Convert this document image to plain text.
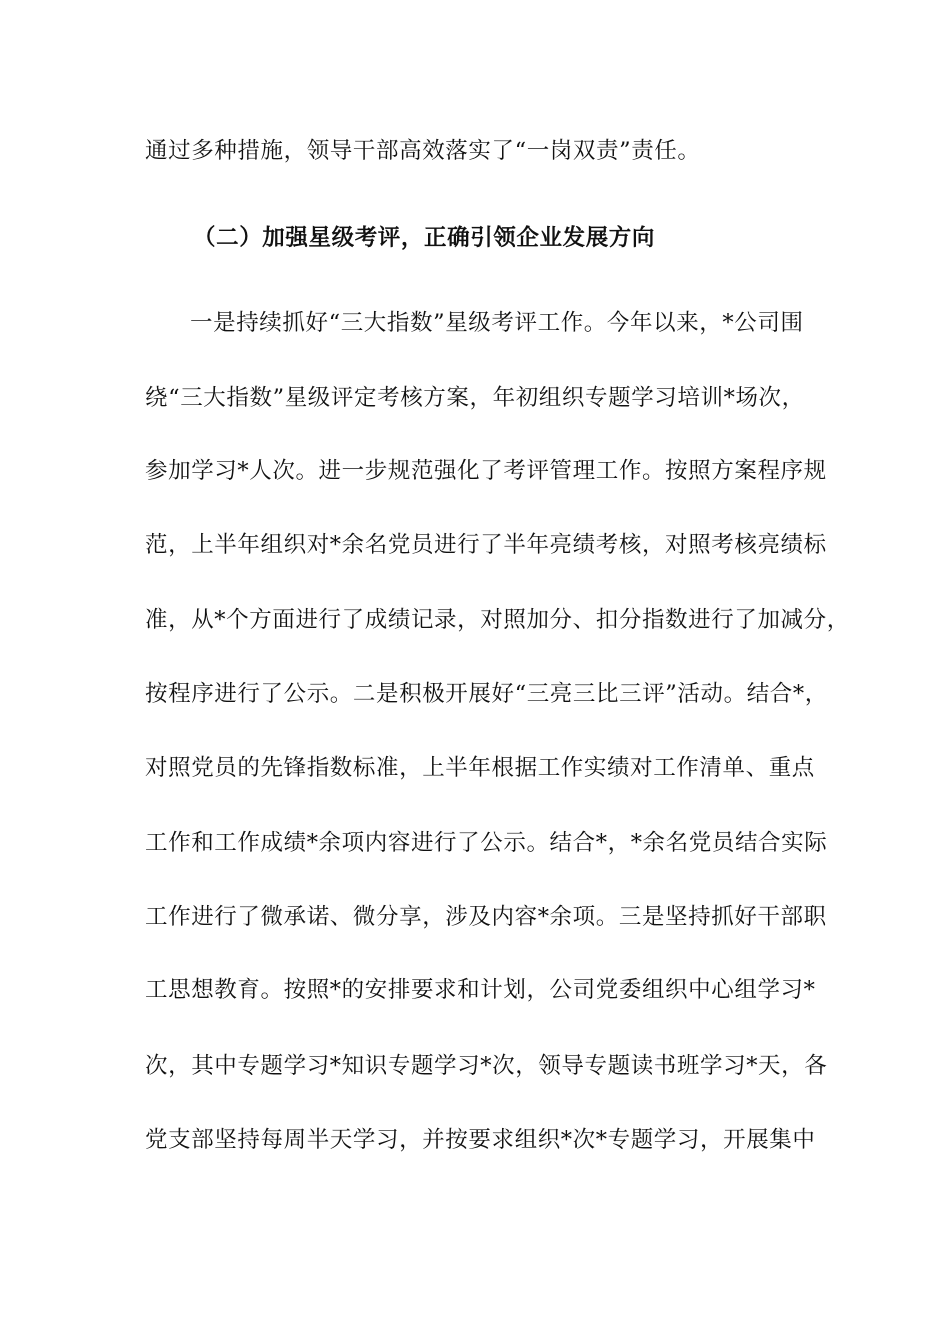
通过多种措施，领导干部高效落实了“一岗双责”责任。
（二）加强星级考评，正确引领企业发展方向
一是持续抓好“三大指数”星级考评工作。今年以来，*公司围
绕“三大指数”星级评定考核方案，年初组织专题学习培训*场次，
参加学习*人次。进一步规范强化了考评管理工作。按照方案程序规
范，上半年组织对*余名党员进行了半年亮绩考核，对照考核亮绩标
准，从*个方面进行了成绩记录，对照加分、扣分指数进行了加减分，
按程序进行了公示。二是积极开展好“三亮三比三评”活动。结合*，
对照党员的先锋指数标准，上半年根据工作实绩对工作清单、重点
工作和工作成绩*余项内容进行了公示。结合*，*余名党员结合实际
工作进行了微承诺、微分享，涉及内容*余项。三是坚持抓好干部职
工思想教育。按照*的安排要求和计划，公司党委组织中心组学习*
次，其中专题学习*知识专题学习*次，领导专题读书班学习*天，各
党支部坚持每周半天学习，并按要求组织*次*专题学习，开展集中
